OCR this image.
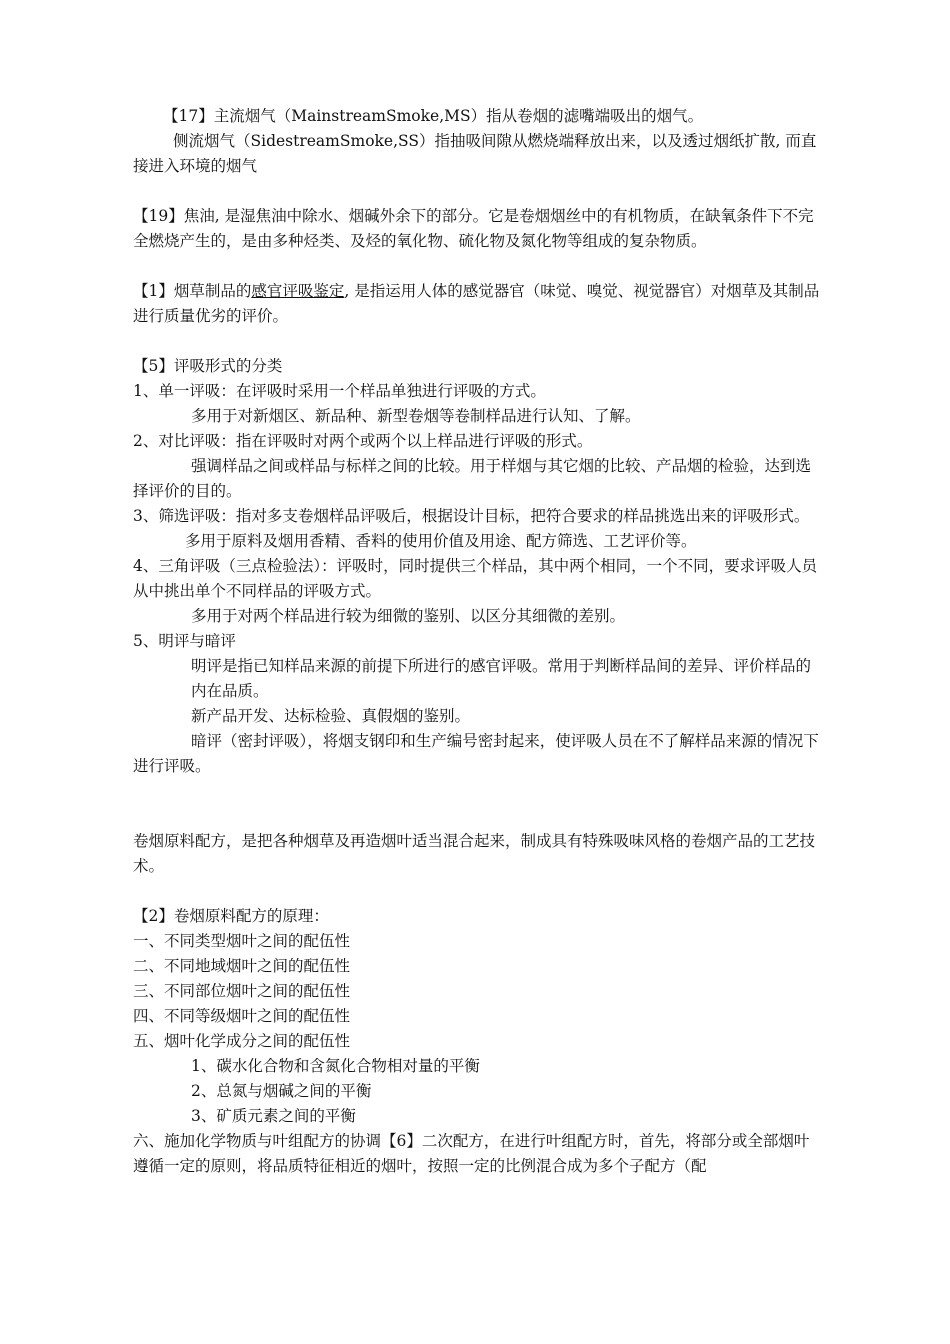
【17】主流烟气（MainstreamSmoke,MS）指从卷烟的滤嘴端吸出的烟气。

侧流烟气（SidestreamSmoke,SS）指抽吸间隙从燃烧端释放出来，以及透过烟纸扩散, 而直接进入环境的烟气

【19】焦油, 是湿焦油中除水、烟碱外余下的部分。它是卷烟烟丝中的有机物质，在缺氧条件下不完全燃烧产生的，是由多种烃类、及烃的氧化物、硫化物及氮化物等组成的复杂物质。

【1】烟草制品的感官评吸鉴定, 是指运用人体的感觉器官（味觉、嗅觉、视觉器官）对烟草及其制品进行质量优劣的评价。

【5】评吸形式的分类

1、单一评吸：在评吸时采用一个样品单独进行评吸的方式。

多用于对新烟区、新品种、新型卷烟等卷制样品进行认知、了解。

2、对比评吸：指在评吸时对两个或两个以上样品进行评吸的形式。

强调样品之间或样品与标样之间的比较。用于样烟与其它烟的比较、产品烟的检验，达到选择评价的目的。

3、筛选评吸：指对多支卷烟样品评吸后，根据设计目标，把符合要求的样品挑选出来的评吸形式。

多用于原料及烟用香精、香料的使用价值及用途、配方筛选、工艺评价等。

4、三角评吸（三点检验法）：评吸时，同时提供三个样品，其中两个相同，一个不同，要求评吸人员从中挑出单个不同样品的评吸方式。

多用于对两个样品进行较为细微的鉴别、以区分其细微的差别。

5、明评与暗评

明评是指已知样品来源的前提下所进行的感官评吸。常用于判断样品间的差异、评价样品的内在品质。

新产品开发、达标检验、真假烟的鉴别。

暗评（密封评吸），将烟支钢印和生产编号密封起来，使评吸人员在不了解样品来源的情况下进行评吸。

卷烟原料配方，是把各种烟草及再造烟叶适当混合起来，制成具有特殊吸味风格的卷烟产品的工艺技术。

【2】卷烟原料配方的原理：

一、不同类型烟叶之间的配伍性

二、不同地域烟叶之间的配伍性

三、不同部位烟叶之间的配伍性

四、不同等级烟叶之间的配伍性

五、烟叶化学成分之间的配伍性

1、碳水化合物和含氮化合物相对量的平衡

2、总氮与烟碱之间的平衡

3、矿质元素之间的平衡

六、施加化学物质与叶组配方的协调【6】二次配方，在进行叶组配方时，首先，将部分或全部烟叶遵循一定的原则，将品质特征相近的烟叶，按照一定的比例混合成为多个子配方（配
